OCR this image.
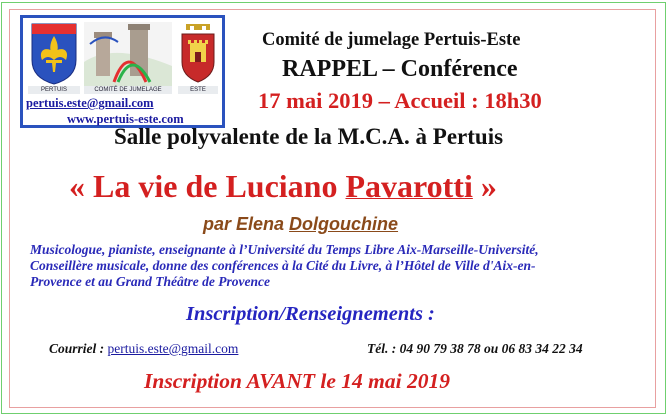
PERTUIS	COMITÉ DE JUMELAGE	ESTE
pertuis.este@gmail.com
www.pertuis-este.com
Comité de jumelage Pertuis-Este
RAPPEL – Conférence
17 mai 2019 – Accueil : 18h30
Salle polyvalente de la M.C.A. à Pertuis
« La vie de Luciano Pavarotti »
par Elena Dolgouchine
Musicologue, pianiste, enseignante à l’Université du Temps Libre Aix-Marseille-Université,
Conseillère musicale, donne des conférences à la Cité du Livre, à l’Hôtel de Ville d'Aix-en-
Provence et au Grand Théâtre de Provence
Inscription/Renseignements :
Courriel : pertuis.este@gmail.com	Tél. : 04 90 79 38 78 ou 06 83 34 22 34
Inscription AVANT le 14 mai 2019
